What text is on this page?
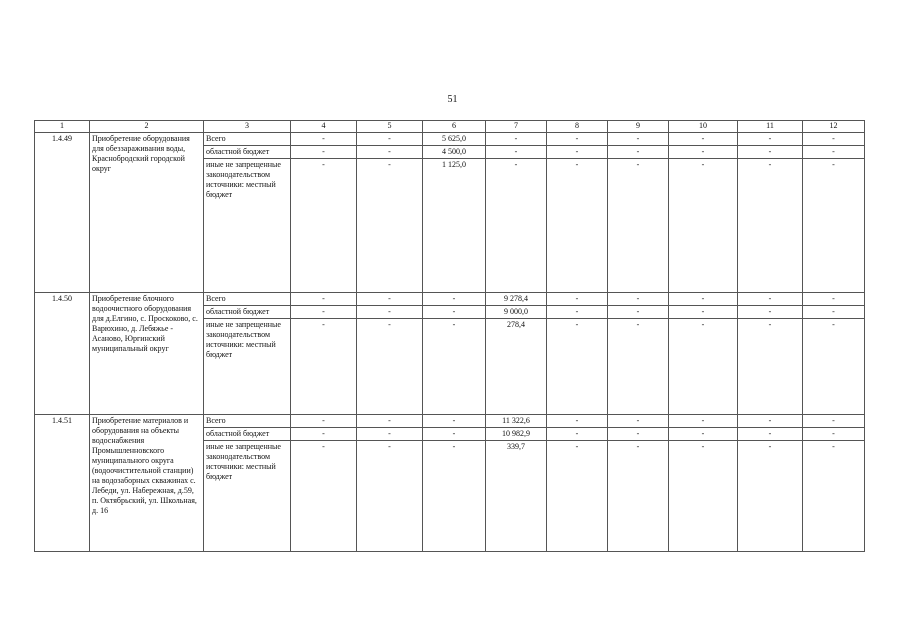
51
1	2	3	4	5	6	7	8	9	10	11	12
1.4.49	Приобретение оборудования для обеззараживания воды, Краснобродский городской округ	Всего	-	-	5 625,0	-	-	-	-	-	-
		областной бюджет	-	-	4 500,0	-	-	-	-	-	-
		иные не запрещенные законодательством источники: местный бюджет	-	-	1 125,0	-	-	-	-	-	-
1.4.50	Приобретение блочного водоочистного оборудования для д.Елгино, с. Проскоково, с. Варюхино, д. Лебяжье - Асаново, Юргинский муниципальный округ	Всего	-	-	-	9 278,4	-	-	-	-	-
		областной бюджет	-	-	-	9 000,0	-	-	-	-	-
		иные не запрещенные законодательством источники: местный бюджет	-	-	-	278,4	-	-	-	-	-
1.4.51	Приобретение материалов и оборудования на объекты водоснабжения Промышленновского муниципального округа (водоочистительной станции) на водозаборных скважинах с. Лебеди, ул. Набережная, д.59, п. Октябрьский, ул. Школьная, д. 16	Всего	-	-	-	11 322,6	-	-	-	-	-
		областной бюджет	-	-	-	10 982,9	-	-	-	-	-
		иные не запрещенные законодательством источники: местный бюджет	-	-	-	339,7	-	-	-	-	-
